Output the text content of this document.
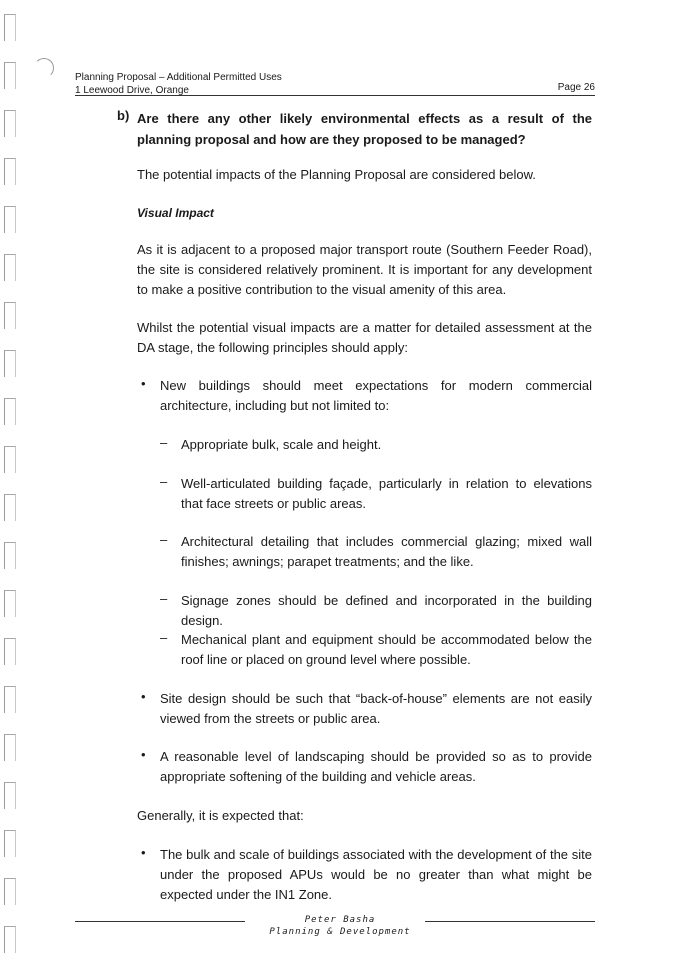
Planning Proposal – Additional Permitted Uses
1 Leewood Drive, Orange	Page 26
b) Are there any other likely environmental effects as a result of the planning proposal and how are they proposed to be managed?
The potential impacts of the Planning Proposal are considered below.
Visual Impact
As it is adjacent to a proposed major transport route (Southern Feeder Road), the site is considered relatively prominent. It is important for any development to make a positive contribution to the visual amenity of this area.
Whilst the potential visual impacts are a matter for detailed assessment at the DA stage, the following principles should apply:
• New buildings should meet expectations for modern commercial architecture, including but not limited to:
– Appropriate bulk, scale and height.
– Well-articulated building façade, particularly in relation to elevations that face streets or public areas.
– Architectural detailing that includes commercial glazing; mixed wall finishes; awnings; parapet treatments; and the like.
– Signage zones should be defined and incorporated in the building design.
– Mechanical plant and equipment should be accommodated below the roof line or placed on ground level where possible.
• Site design should be such that “back-of-house” elements are not easily viewed from the streets or public area.
• A reasonable level of landscaping should be provided so as to provide appropriate softening of the building and vehicle areas.
Generally, it is expected that:
• The bulk and scale of buildings associated with the development of the site under the proposed APUs would be no greater than what might be expected under the IN1 Zone.
Peter Basha
Planning & Development
